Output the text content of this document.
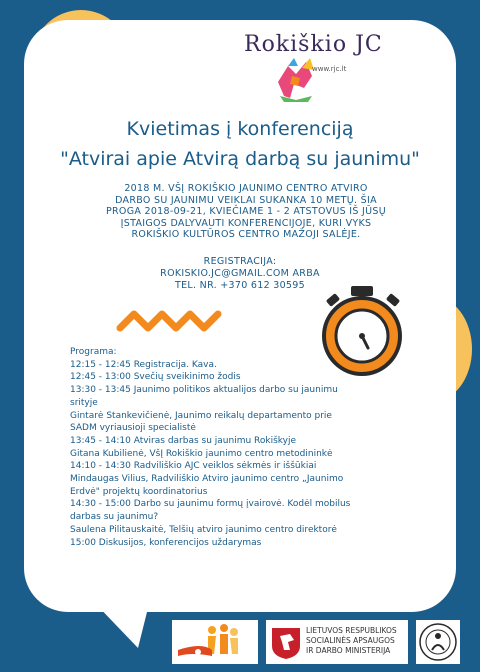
Rokiškio JC
www.rjc.lt
Kvietimas į konferenciją
"Atvirai apie Atvirą darbą su jaunimu"
2018 M. VŠĮ ROKIŠKIO JAUNIMO CENTRO ATVIRO
DARBO SU JAUNIMU VEIKLAI SUKANKA 10 METŲ. ŠIA
PROGA 2018-09-21, KVIEČIAME 1 - 2 ATSTOVUS IŠ JŪSŲ
ĮSTAIGOS DALYVAUTI KONFERENCIJOJE, KURI VYKS
ROKIŠKIO KULTŪROS CENTRO MAŽOJI SALĖJE.
REGISTRACIJA:
ROKISKIO.JC@GMAIL.COM ARBA
TEL. NR. +370 612 30595
Programa:
12:15 - 12:45 Registracija. Kava.
12:45 - 13:00 Svečių sveikinimo žodis
13:30 - 13:45 Jaunimo politikos aktualijos darbo su jaunimu
srityje
Gintarė Stankevičienė, Jaunimo reikalų departamento prie
SADM vyriausioji specialistė
13:45 - 14:10 Atviras darbas su jaunimu Rokiškyje
Gitana Kubilienė, VšĮ Rokiškio jaunimo centro metodininkė
14:10 - 14:30 Radviliškio AJC veiklos sėkmės ir iššūkiai
Mindaugas Vilius, Radviliškio Atviro jaunimo centro „Jaunimo
Erdvė" projektų koordinatorius
14:30 - 15:00 Darbo su jaunimu formų įvairovė. Kodėl mobilus
darbas su jaunimu?
Saulena Pilitauskaitė, Telšių atviro jaunimo centro direktorė
15:00 Diskusijos, konferencijos uždarymas
LIETUVOS RESPUBLIKOS
SOCIALINĖS APSAUGOS
IR DARBO MINISTERIJA
